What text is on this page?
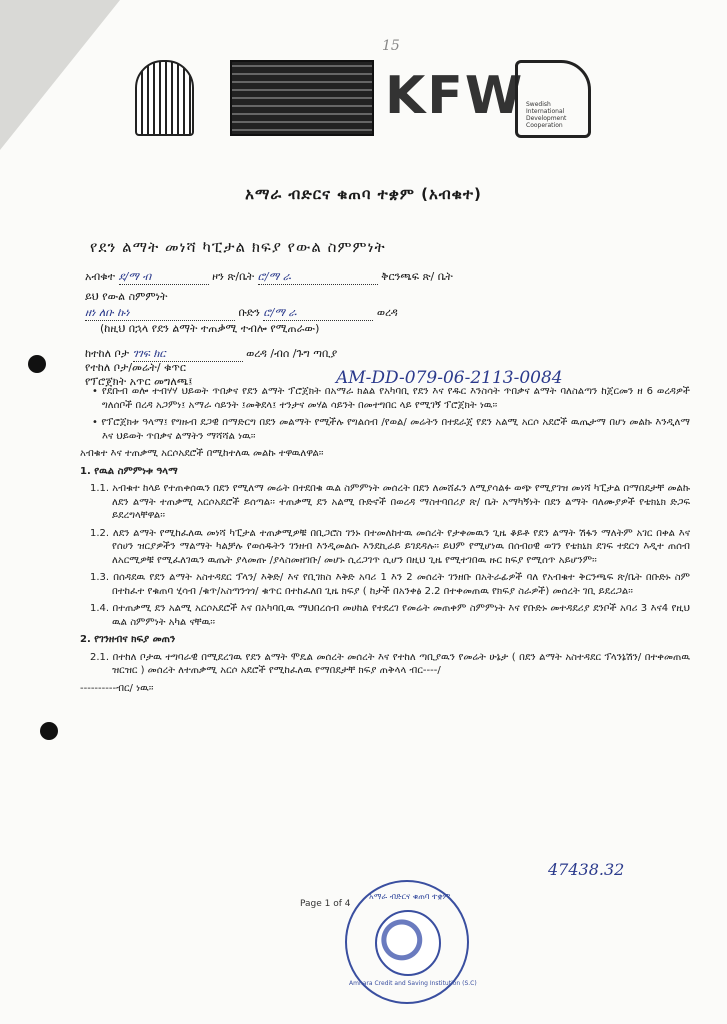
15
KFW Swedish International Development Cooperation
አማራ ብድርና ቁጠባ ተቋም (አብቁተ)
የደን ልማት መነሻ ካፒታል ክፍያ የውል ስምምነት
አብቁተ ደ/ማ ብ	ዞን ጽ/ቤት ሮ/ማ ራ	ቅርንጫፍ ጽ/ ቤት
ይህ የውል ስምምነት
ዘነ ለቡ ኩነ	ቡድን ሮ/ማ ራ	ወረዳ
(ከዚህ በኋላ የደን ልማት ተጠቃሚ ተብሎ የሚጠራው)
ከተከለ ቦታ ገገፍ ክር	ወረዳ /ብሰ /ጉግ ጣቢያ
የተከለ ቦታ/መሬት/ ቁጥር
የፕሮጀክት አጥር መግለጫ፤	AM-DD-079-06-2113-0084

• የደቡብ ወሎ ተብሃሃ ህይወት ጥበቃና የደን ልማት ፕሮጀክት በአማራ ክልል የአካባቢ የደን እና የዱር እንስሳት ጥበቃና ልማት ባለስልጣን ከጀርመን ዘ 6 ወረዳዎች ግለሰቦች በረዳ አጋምነ፤ አማራ ሳይንት ፤መቅደላ፤ ተንታና መሃል ሳይንት በመተግበር ላይ የሚገኝ ፕሮጀክት ነዉ፡፡

• የፕሮጀክቱ ዓላማ፤ የግዙብ ደጋዊ በማድርግ በደን መልማት የሚችሉ የግልሰብ /የወል/ መሬትን በተደራጀ የደን አልሚ አርሶ አደሮች ዉጤታማ በሆነ መልኩ እንዲለማ እና ህይወት ጥበቃና ልማትን ማሻሻል ነዉ፡፡

አብቁተ እና ተጠቃሚ አርሶአደሮች በሚከተለዉ መልኩ ተዋዉለዋል፡፡

1. የዉል ስምምነቱ ዓላማ

1.1. አብቁተ ከላይ የተጠቀሰዉን በደን የሚለማ መሬት በተደበቁ ዉል ስምምነት መሰረት በደን ለመሸፈን ለሚያሳልፉ ወጭ የሚያገዝ መነሻ ካፒታል በማበደታቸ መልኩ ለደን ልማት ተጠቃሚ አርሶአደሮች ይሰጣል፡፡ ተጠቃሚ ደን አልሚ ቡድኖች በወረዳ ማስተባበሪያ ጽ/ ቤት አማካኝነት በደን ልማት ባለሙያዎች የቴክኒክ ድጋፍ ይደረግላቸዋል፡፡

1.2. ለደን ልማት የሚከፈለዉ መነሻ ካፒታል ተጠቃሚዎቹ በቢጋሮስ ገንኑ በተመለከተዉ መሰረት የታቀመዉን ጊዜ ቆይቶ የደን ልማት ሽፋን ማለትም አገር በቀል እና የሰሀን ዝርያዎችን ማልማት ካልቻሉ የወሰዱትን ገንዘብ እንዲመልሱ እንደኪራይ ይገደዳሉ፡፡ ይህም የሚሆነዉ በሰብዐዊ ወገን የቴክኒክ ደገፍ ተደርጎ እዲተ ጠሰብ ለአርሚዎቹ የሚፈለገዉን ዉጤት ያላመጡ /ያላስመዘገቡ/ መሆኑ ሲረጋገጥ ሲሆን በዚህ ጊዜ የሚተገበዉ ዙር ክፍያ የሚሰጥ አይሆንም፡፡

1.3. በሰዳደዉ የደን ልማት አስተዳደር ፕላን/ እቅድ/ እና የቢገክስ እቅድ አባሪ 1 እን 2 መሰረት ገንዘቡ በአትራፊዎች ባለ የአብቁተ ቅርንጫፍ ጽ/ቤት በቡድኑ ስም በተከፈተ የቁጠባ ሂሳብ /ቁጥ/አስጣንጎጎ/ ቁጥር በተከፈለበ ጊዜ ክፍያ ( ከታች በአንቀፅ 2.2 በተቀመጠዉ የክፍያ ስራዎች) መሰረት ገቢ ይደረጋል፡፡

1.4. በተጠቃሚ ደን አልሚ አርሶአደሮች እና በአካባቢዉ ማህበረሰብ መሀከል የተደረገ የመሬት መጠቀም ስምምነት እና የቡድኑ መተዳደሪያ ደንቦች አባሪ 3 እና4 የዚህ ዉል ስምምነት አካል ናቸዉ፡፡

2. የገንዘብና ክፍያ መጠን

2.1. በተከለ ቦታዉ ተግባራዊ በሚደረገዉ የደን ልማት ሞዴል መሰረት መሰረት እና የተከለ ጣቢያዉን የመሬት ሁኔታ ( በደን ልማት አስተዳደር ፕላንኔሽን/ በተቀመጠዉ ዝርዝር ) መሰረት ለተጠቃሚ አርሶ አደሮች የሚከፈለዉ የማበደታቸ ክፍያ ጠቅላላ ብር----/

----------ብር/ ነዉ፡፡

47438.32
Page 1 of 4
አማራ ብድርና ቁጠባ ተቋም
Amhara Credit and Saving Institution (S.C)
